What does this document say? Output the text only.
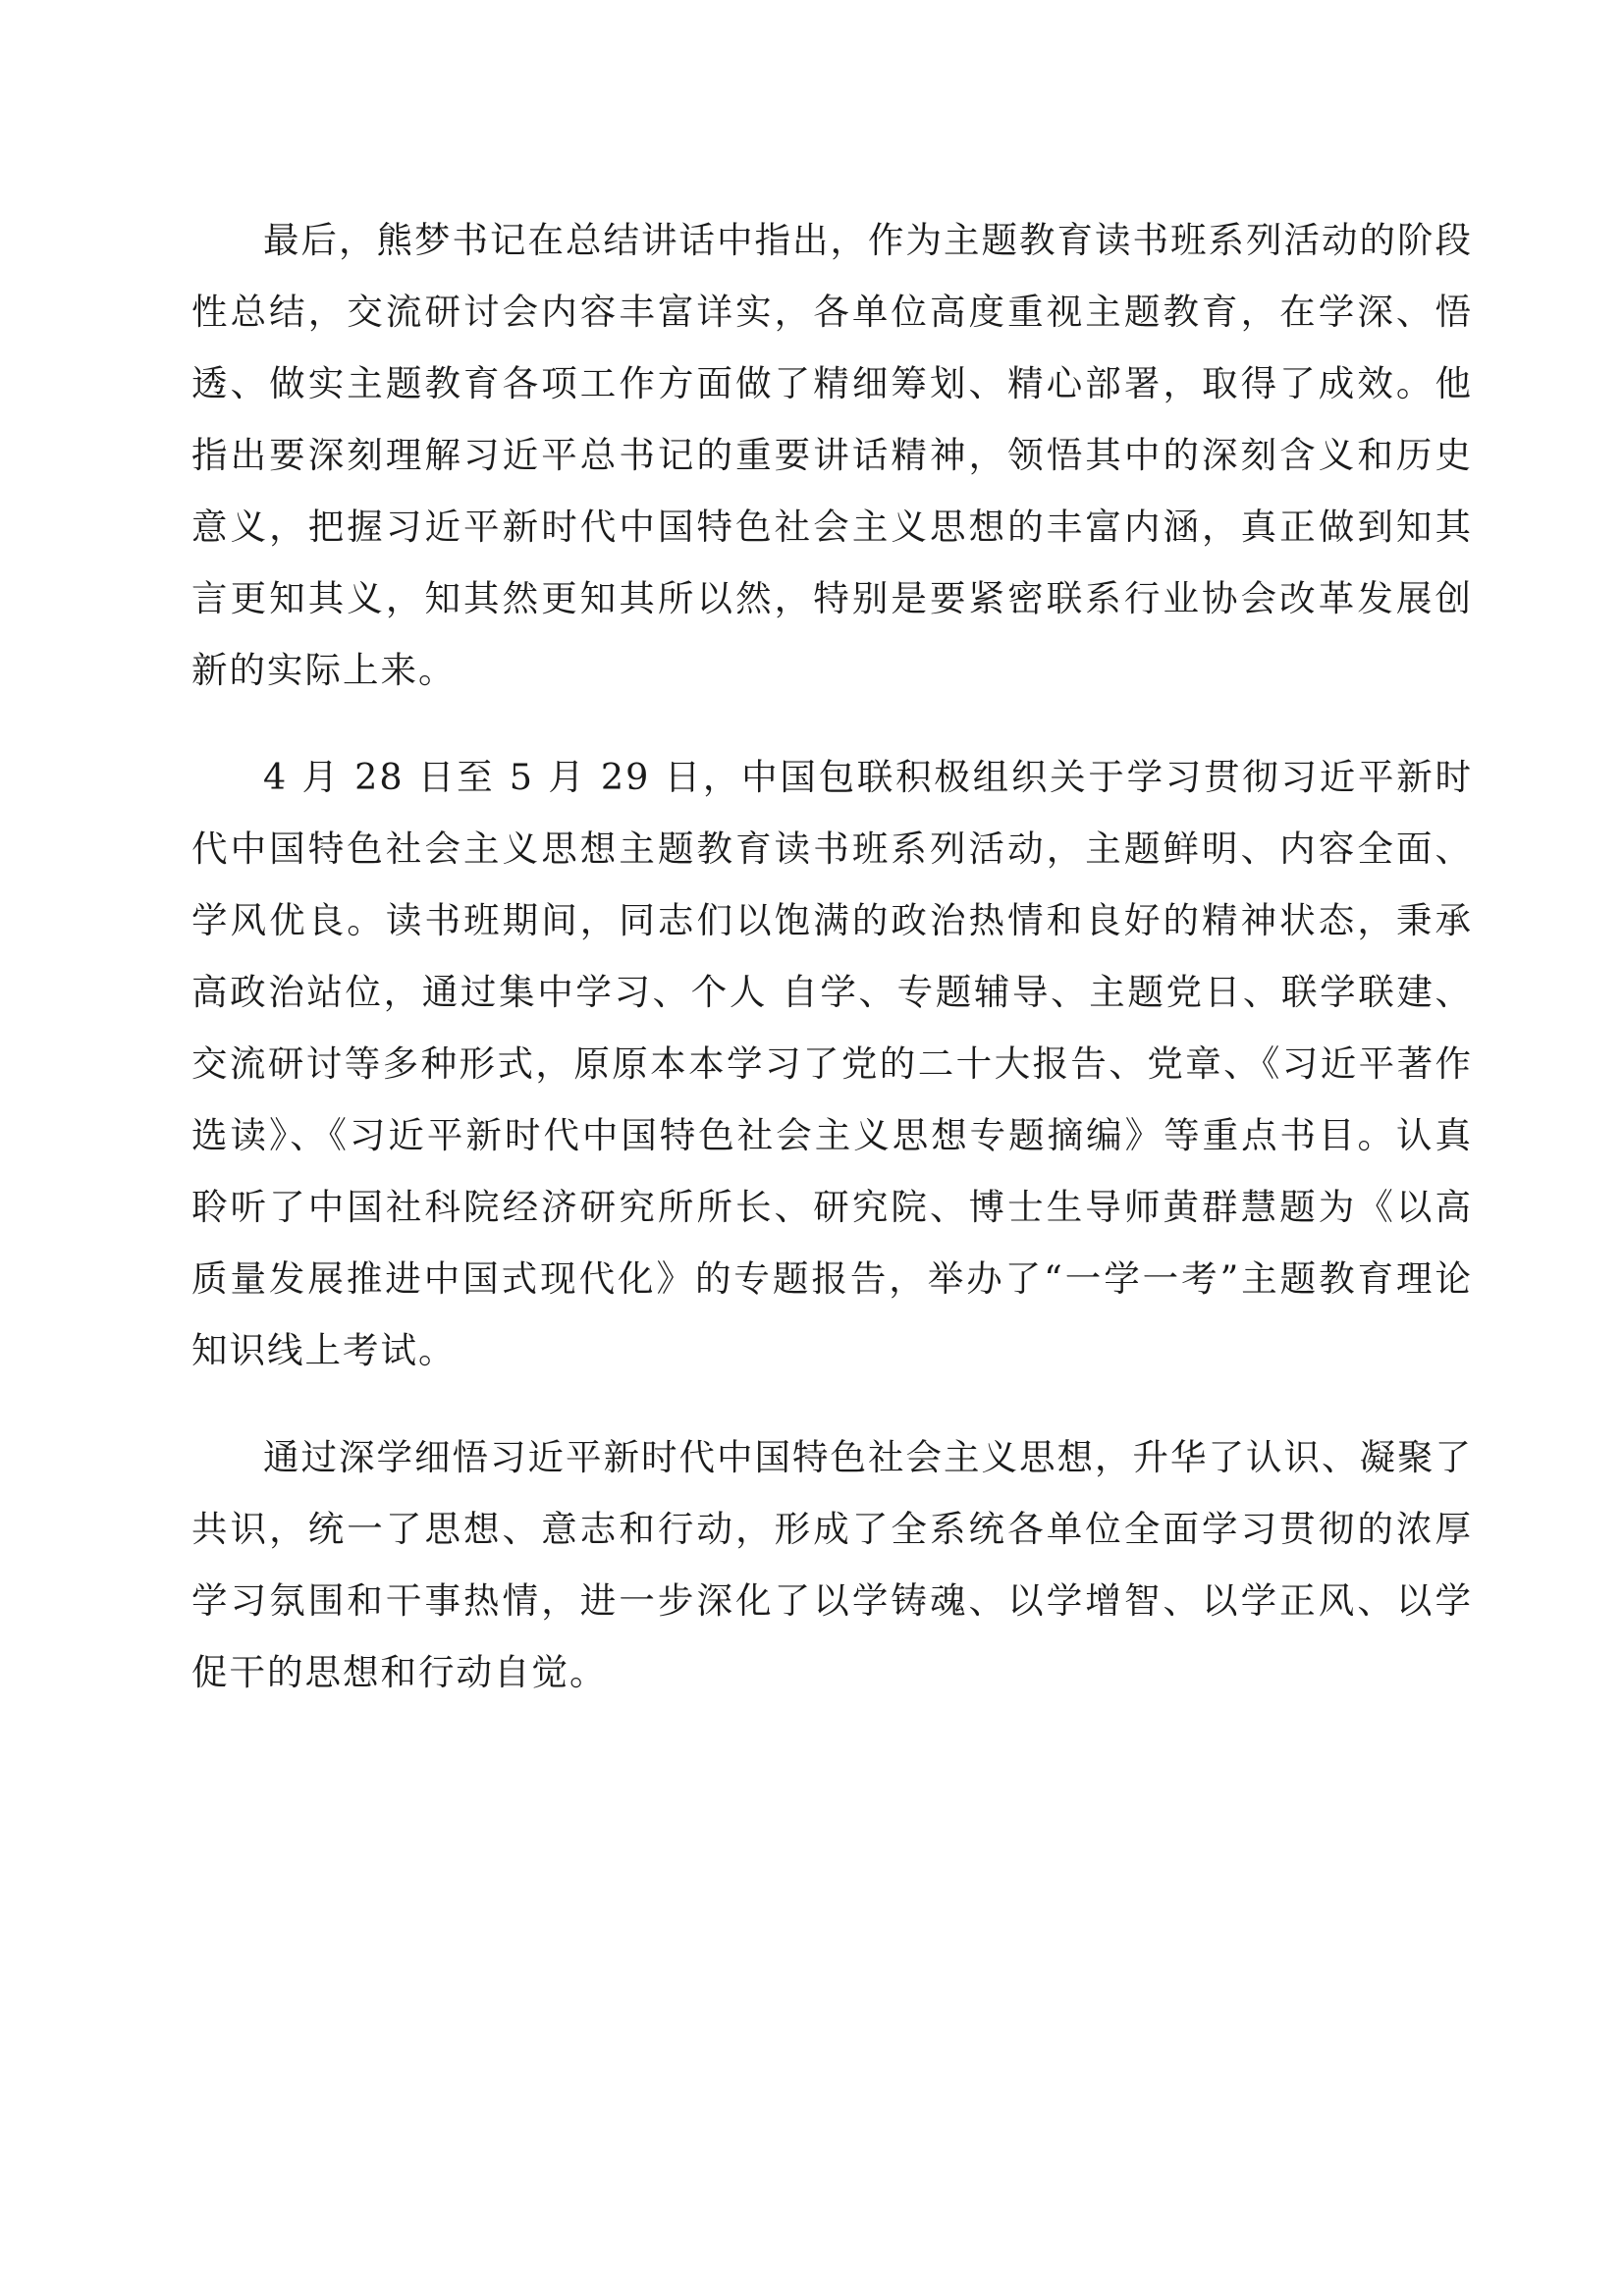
最后，熊梦书记在总结讲话中指出，作为主题教育读书班系列活动的阶段性总结，交流研讨会内容丰富详实，各单位高度重视主题教育，在学深、悟透、做实主题教育各项工作方面做了精细筹划、精心部署，取得了成效。他指出要深刻理解习近平总书记的重要讲话精神，领悟其中的深刻含义和历史意义，把握习近平新时代中国特色社会主义思想的丰富内涵，真正做到知其言更知其义，知其然更知其所以然，特别是要紧密联系行业协会改革发展创新的实际上来。

4 月 28 日至 5 月 29 日，中国包联积极组织关于学习贯彻习近平新时代中国特色社会主义思想主题教育读书班系列活动，主题鲜明、内容全面、学风优良。读书班期间，同志们以饱满的政治热情和良好的精神状态，秉承高政治站位，通过集中学习、个人 自学、专题辅导、主题党日、联学联建、交流研讨等多种形式，原原本本学习了党的二十大报告、党章、《习近平著作选读》、《习近平新时代中国特色社会主义思想专题摘编》等重点书目。认真聆听了中国社科院经济研究所所长、研究院、博士生导师黄群慧题为《以高质量发展推进中国式现代化》的专题报告，举办了“一学一考”主题教育理论知识线上考试。

通过深学细悟习近平新时代中国特色社会主义思想，升华了认识、凝聚了共识，统一了思想、意志和行动，形成了全系统各单位全面学习贯彻的浓厚学习氛围和干事热情，进一步深化了以学铸魂、以学增智、以学正风、以学促干的思想和行动自觉。
